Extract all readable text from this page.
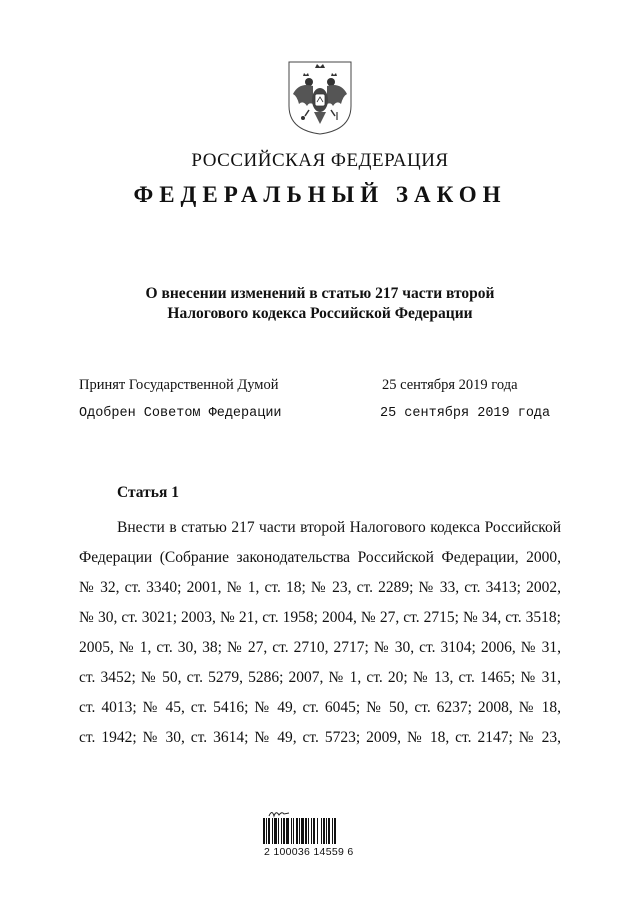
РОССИЙСКАЯ ФЕДЕРАЦИЯ
ФЕДЕРАЛЬНЫЙ ЗАКОН
О внесении изменений в статью 217 части второй
Налогового кодекса Российской Федерации
Принят Государственной Думой	25 сентября 2019 года
Одобрен Советом Федерации	25 сентября 2019 года
Статья 1
Внести в статью 217 части второй Налогового кодекса Российской
Федерации (Собрание законодательства Российской Федерации, 2000,
№ 32, ст. 3340; 2001, № 1, ст. 18; № 23, ст. 2289; № 33, ст. 3413; 2002,
№ 30, ст. 3021; 2003, № 21, ст. 1958; 2004, № 27, ст. 2715; № 34, ст. 3518;
2005, № 1, ст. 30, 38; № 27, ст. 2710, 2717; № 30, ст. 3104; 2006, № 31,
ст. 3452; № 50, ст. 5279, 5286; 2007, № 1, ст. 20; № 13, ст. 1465; № 31,
ст. 4013; № 45, ст. 5416; № 49, ст. 6045; № 50, ст. 6237; 2008, № 18,
ст. 1942; № 30, ст. 3614; № 49, ст. 5723; 2009, № 18, ст. 2147; № 23,
2 100036 14559 6
